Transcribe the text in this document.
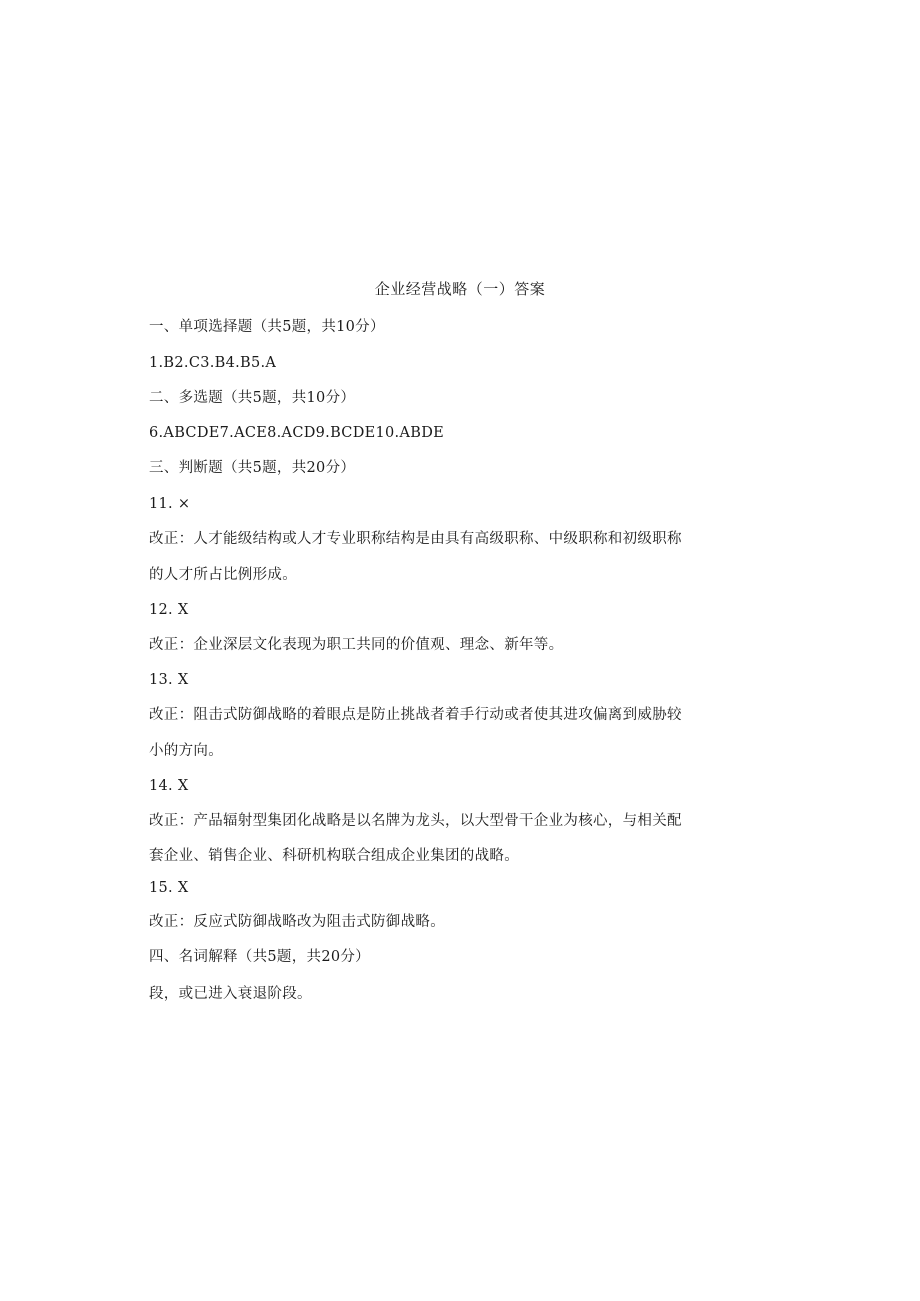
企业经营战略（一）答案
一、单项选择题（共5题，共10分）
1.B2.C3.B4.B5.A
二、多选题（共5题，共10分）
6.ABCDE7.ACE8.ACD9.BCDE10.ABDE
三、判断题（共5题，共20分）
11. ×
改正：人才能级结构或人才专业职称结构是由具有高级职称、中级职称和初级职称
的人才所占比例形成。
12. X
改正：企业深层文化表现为职工共同的价值观、理念、新年等。
13. X
改正：阻击式防御战略的着眼点是防止挑战者着手行动或者使其进攻偏离到威胁较
小的方向。
14. X
改正：产品辐射型集团化战略是以名牌为龙头，以大型骨干企业为核心，与相关配
套企业、销售企业、科研机构联合组成企业集团的战略。
15. X
改正：反应式防御战略改为阻击式防御战略。
四、名词解释（共5题，共20分）
段，或已进入衰退阶段。
